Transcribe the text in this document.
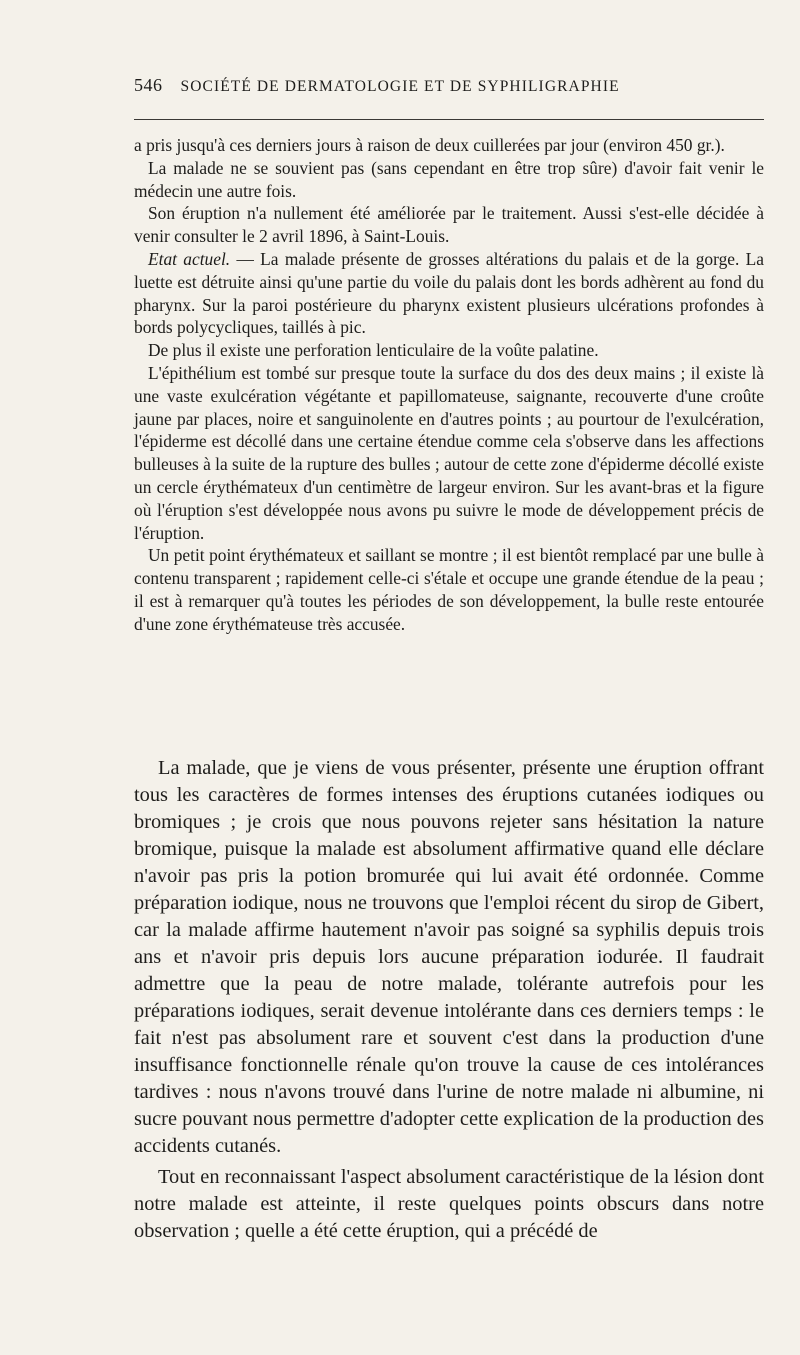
546 SOCIÉTÉ DE DERMATOLOGIE ET DE SYPHILIGRAPHIE

a pris jusqu'à ces derniers jours à raison de deux cuillerées par jour (environ 450 gr.).

La malade ne se souvient pas (sans cependant en être trop sûre) d'avoir fait venir le médecin une autre fois.

Son éruption n'a nullement été améliorée par le traitement. Aussi s'est-elle décidée à venir consulter le 2 avril 1896, à Saint-Louis.

Etat actuel. — La malade présente de grosses altérations du palais et de la gorge. La luette est détruite ainsi qu'une partie du voile du palais dont les bords adhèrent au fond du pharynx. Sur la paroi postérieure du pharynx existent plusieurs ulcérations profondes à bords polycycliques, taillés à pic.

De plus il existe une perforation lenticulaire de la voûte palatine.

L'épithélium est tombé sur presque toute la surface du dos des deux mains ; il existe là une vaste exulcération végétante et papillomateuse, saignante, recouverte d'une croûte jaune par places, noire et sanguinolente en d'autres points ; au pourtour de l'exulcération, l'épiderme est décollé dans une certaine étendue comme cela s'observe dans les affections bulleuses à la suite de la rupture des bulles ; autour de cette zone d'épiderme décollé existe un cercle érythémateux d'un centimètre de largeur environ. Sur les avant-bras et la figure où l'éruption s'est développée nous avons pu suivre le mode de développement précis de l'éruption.

Un petit point érythémateux et saillant se montre ; il est bientôt remplacé par une bulle à contenu transparent ; rapidement celle-ci s'étale et occupe une grande étendue de la peau ; il est à remarquer qu'à toutes les périodes de son développement, la bulle reste entourée d'une zone érythémateuse très accusée.

La malade, que je viens de vous présenter, présente une éruption offrant tous les caractères de formes intenses des éruptions cutanées iodiques ou bromiques ; je crois que nous pouvons rejeter sans hésitation la nature bromique, puisque la malade est absolument affirmative quand elle déclare n'avoir pas pris la potion bromurée qui lui avait été ordonnée. Comme préparation iodique, nous ne trouvons que l'emploi récent du sirop de Gibert, car la malade affirme hautement n'avoir pas soigné sa syphilis depuis trois ans et n'avoir pris depuis lors aucune préparation iodurée. Il faudrait admettre que la peau de notre malade, tolérante autrefois pour les préparations iodiques, serait devenue intolérante dans ces derniers temps : le fait n'est pas absolument rare et souvent c'est dans la production d'une insuffisance fonctionnelle rénale qu'on trouve la cause de ces intolérances tardives : nous n'avons trouvé dans l'urine de notre malade ni albumine, ni sucre pouvant nous permettre d'adopter cette explication de la production des accidents cutanés.

Tout en reconnaissant l'aspect absolument caractéristique de la lésion dont notre malade est atteinte, il reste quelques points obscurs dans notre observation ; quelle a été cette éruption, qui a précédé de
